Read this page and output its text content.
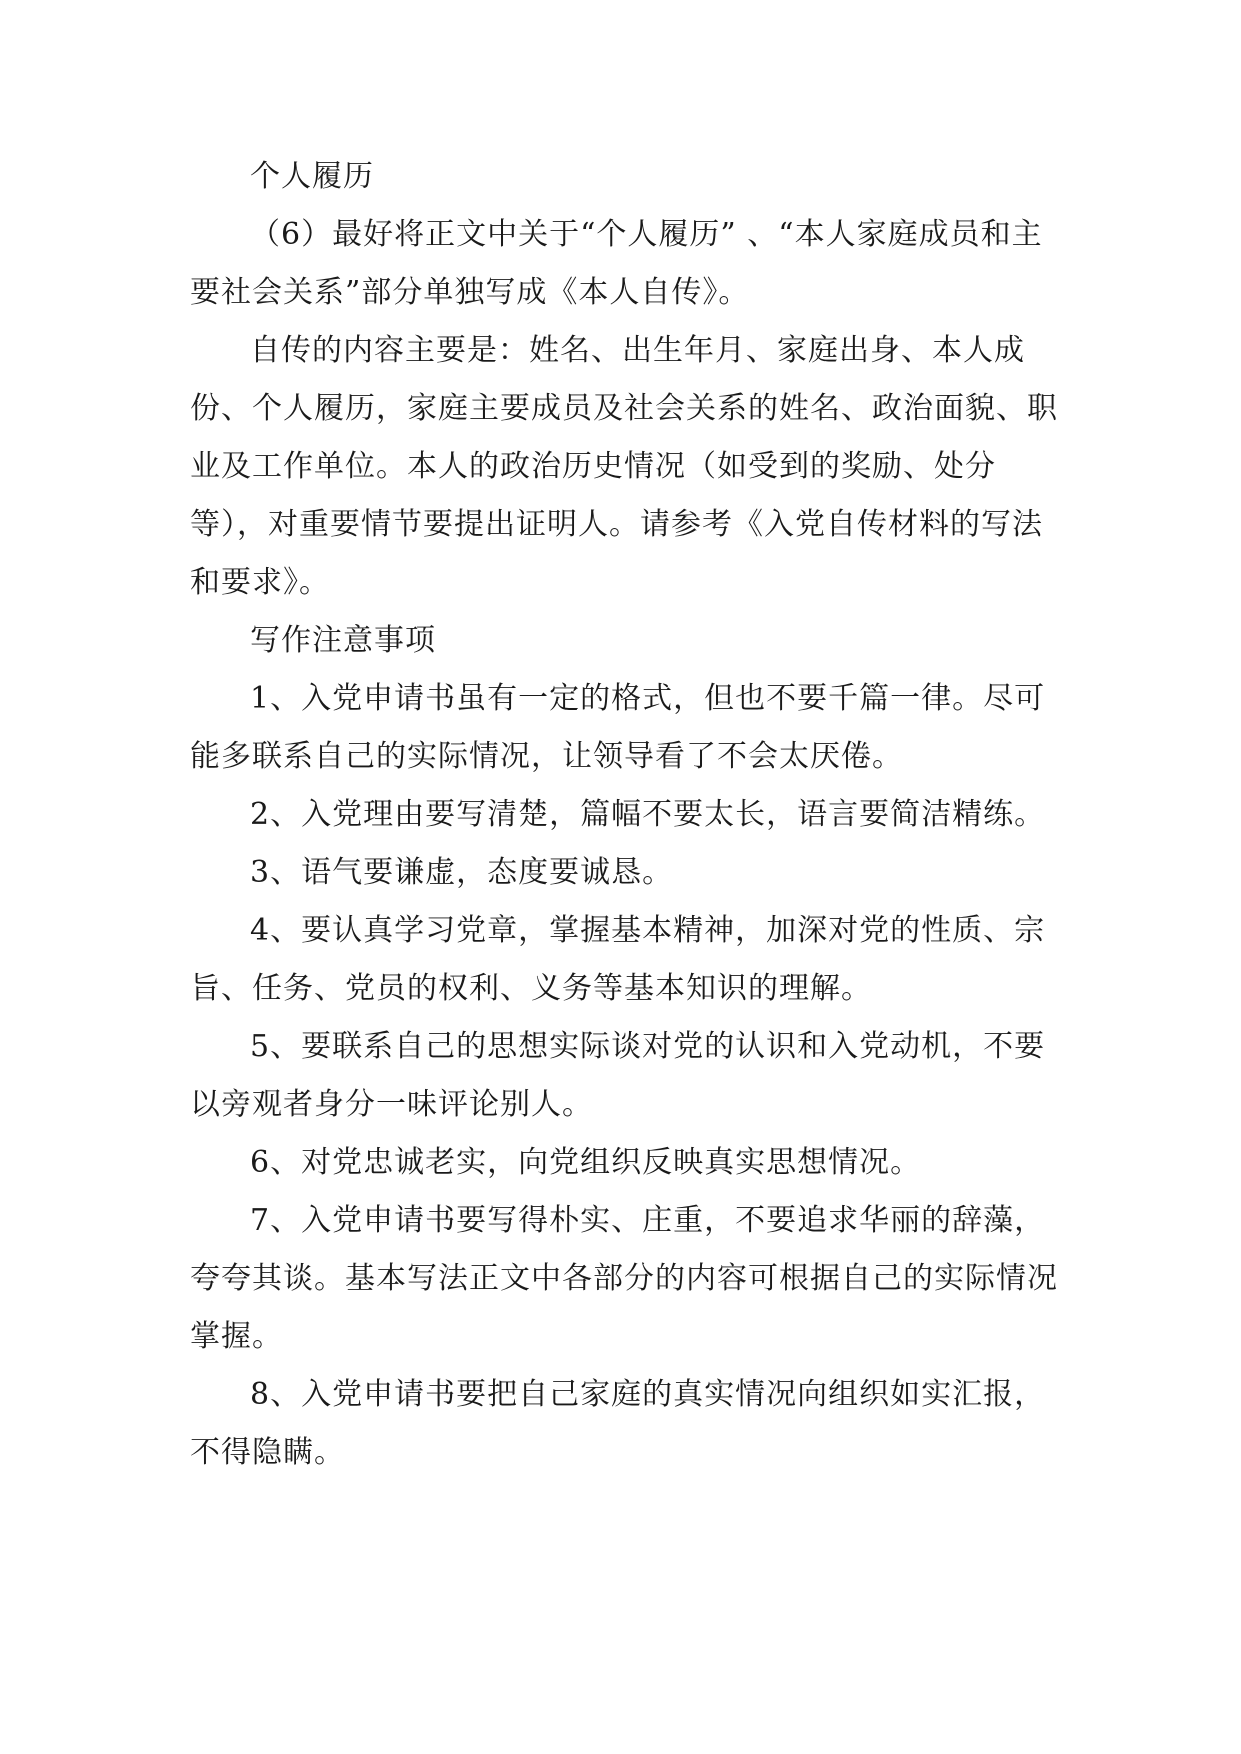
个人履历

（6）最好将正文中关于“个人履历” 、“本人家庭成员和主要社会关系”部分单独写成《本人自传》。

自传的内容主要是：姓名、出生年月、家庭出身、本人成份、个人履历，家庭主要成员及社会关系的姓名、政治面貌、职业及工作单位。本人的政治历史情况（如受到的奖励、处分等），对重要情节要提出证明人。请参考《入党自传材料的写法和要求》。

写作注意事项

1、入党申请书虽有一定的格式，但也不要千篇一律。尽可能多联系自己的实际情况，让领导看了不会太厌倦。

2、入党理由要写清楚，篇幅不要太长，语言要简洁精练。

3、语气要谦虚，态度要诚恳。

4、要认真学习党章，掌握基本精神，加深对党的性质、宗旨、任务、党员的权利、义务等基本知识的理解。

5、要联系自己的思想实际谈对党的认识和入党动机，不要以旁观者身分一味评论别人。

6、对党忠诚老实，向党组织反映真实思想情况。

7、入党申请书要写得朴实、庄重，不要追求华丽的辞藻，夸夸其谈。基本写法正文中各部分的内容可根据自己的实际情况掌握。

8、入党申请书要把自己家庭的真实情况向组织如实汇报，不得隐瞒。
